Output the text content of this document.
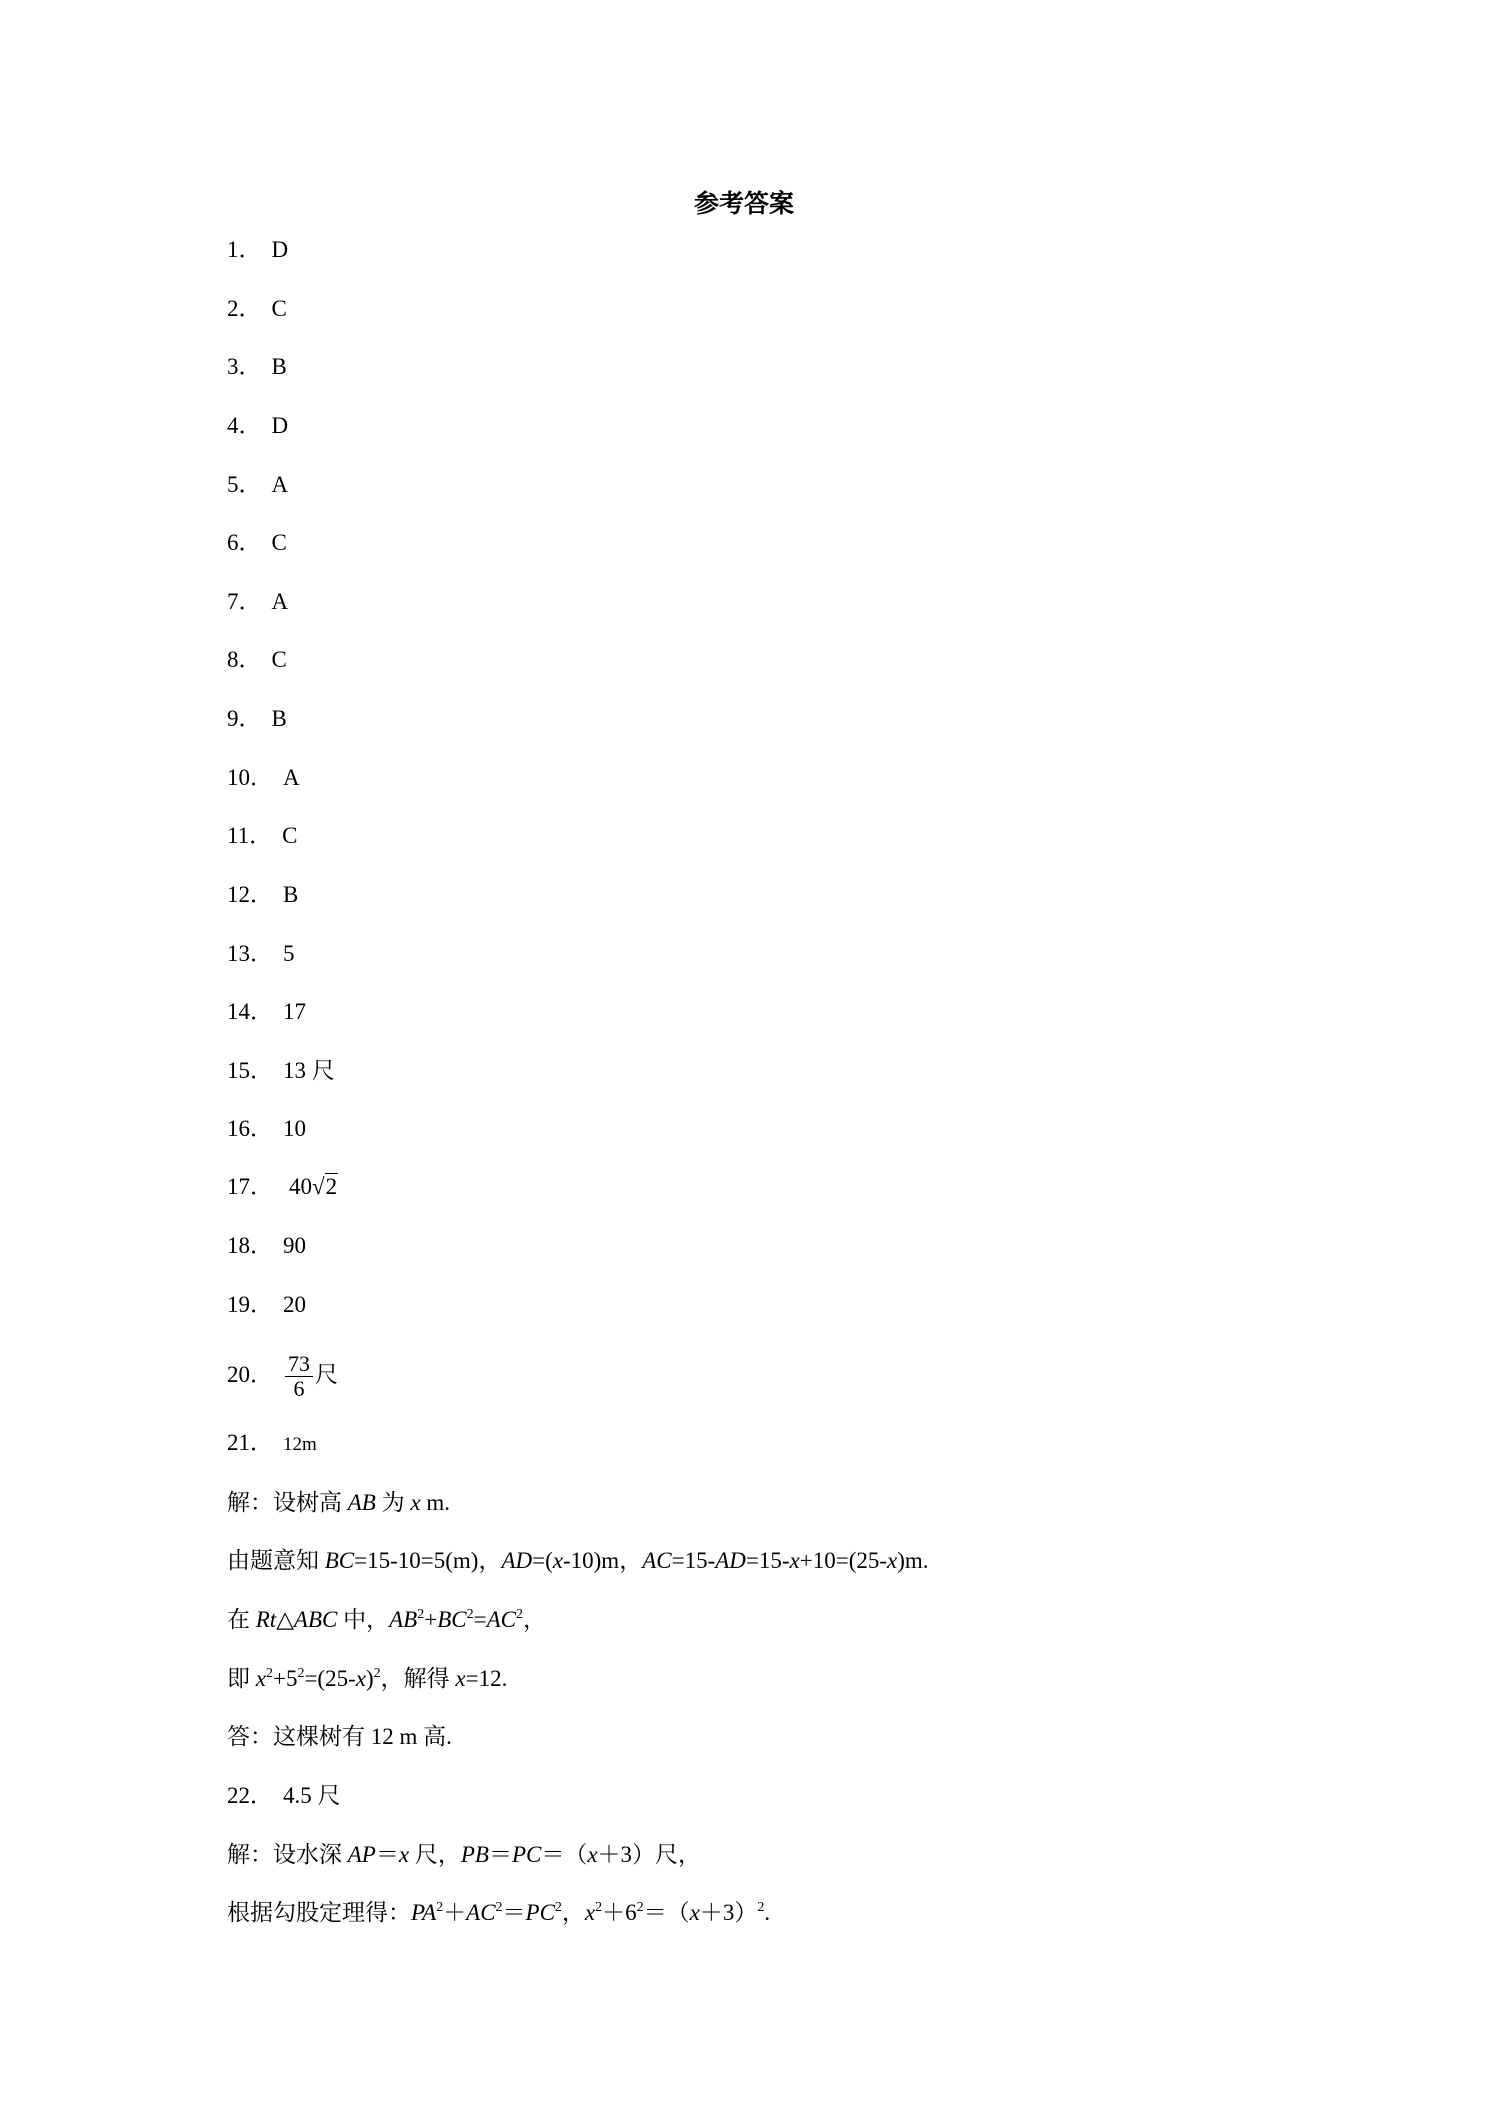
参考答案
1． D
2． C
3． B
4． D
5． A
6． C
7． A
8． C
9． B
10． A
11． C
12． B
13． 5
14． 17
15． 13 尺
16． 10
17． 40√2
18． 90
19． 20
20． $\frac{73}{6}$ 尺
21． 12m
解：设树高 AB 为 x m.
由题意知 BC=15-10=5(m)，AD=(x-10)m，AC=15-AD=15-x+10=(25-x)m.
在 Rt△ABC 中，$AB^2+BC^2=AC^2$，
即 $x^2+5^2=(25-x)^2$，解得 x=12.
答：这棵树有 12 m 高.
22． 4.5 尺
解：设水深 AP＝x 尺，PB＝PC＝（x＋3）尺，
根据勾股定理得：$PA^2+AC^2=PC^2$，$x^2+6^2=(x+3)^2$.
